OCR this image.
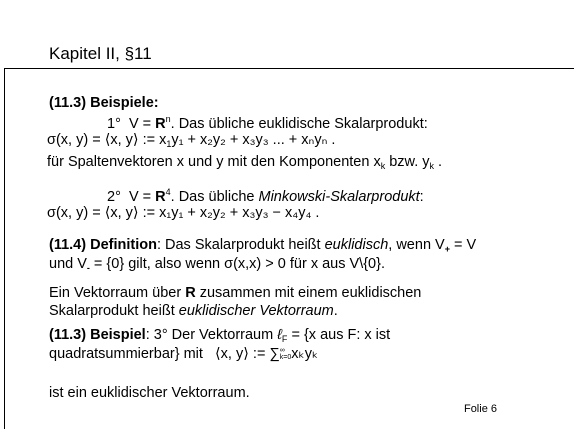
Kapitel II, §11
(11.3) Beispiele:
1° $V = R^n$. Das übliche euklidische Skalarprodukt:
σ(x, y) = ⟨x, y⟩ := $x_1y_1 + x_2y_2 + x_3y_3$ ... + xₙyₙ .
für Spaltenvektoren x und y mit den Komponenten $x_k$ bzw. $y_k$ .
2° $V = R^4$. Das übliche Minkowski-Skalarprodukt:
σ(x, y) = ⟨x, y⟩ := x₁y₁ + x₂y₂ + x₃y₃ − x₄y₄ .
(11.4) Definition: Das Skalarprodukt heißt euklidisch, wenn $V_+ = V$
und $V_- = \{0\}$ gilt, also wenn σ(x,x) > 0 für x aus V\{0}.
Ein Vektorraum über R zusammen mit einem euklidischen
Skalarprodukt heißt euklidischer Vektorraum.
(11.3) Beispiel: 3° Der Vektorraum ℓ$_F$ = {x aus F: x ist
quadratsummierbar} mit ⟨x, y⟩ := ∑ ∞
k=0 xₖyₖ
ist ein euklidischer Vektorraum.
Folie 6
